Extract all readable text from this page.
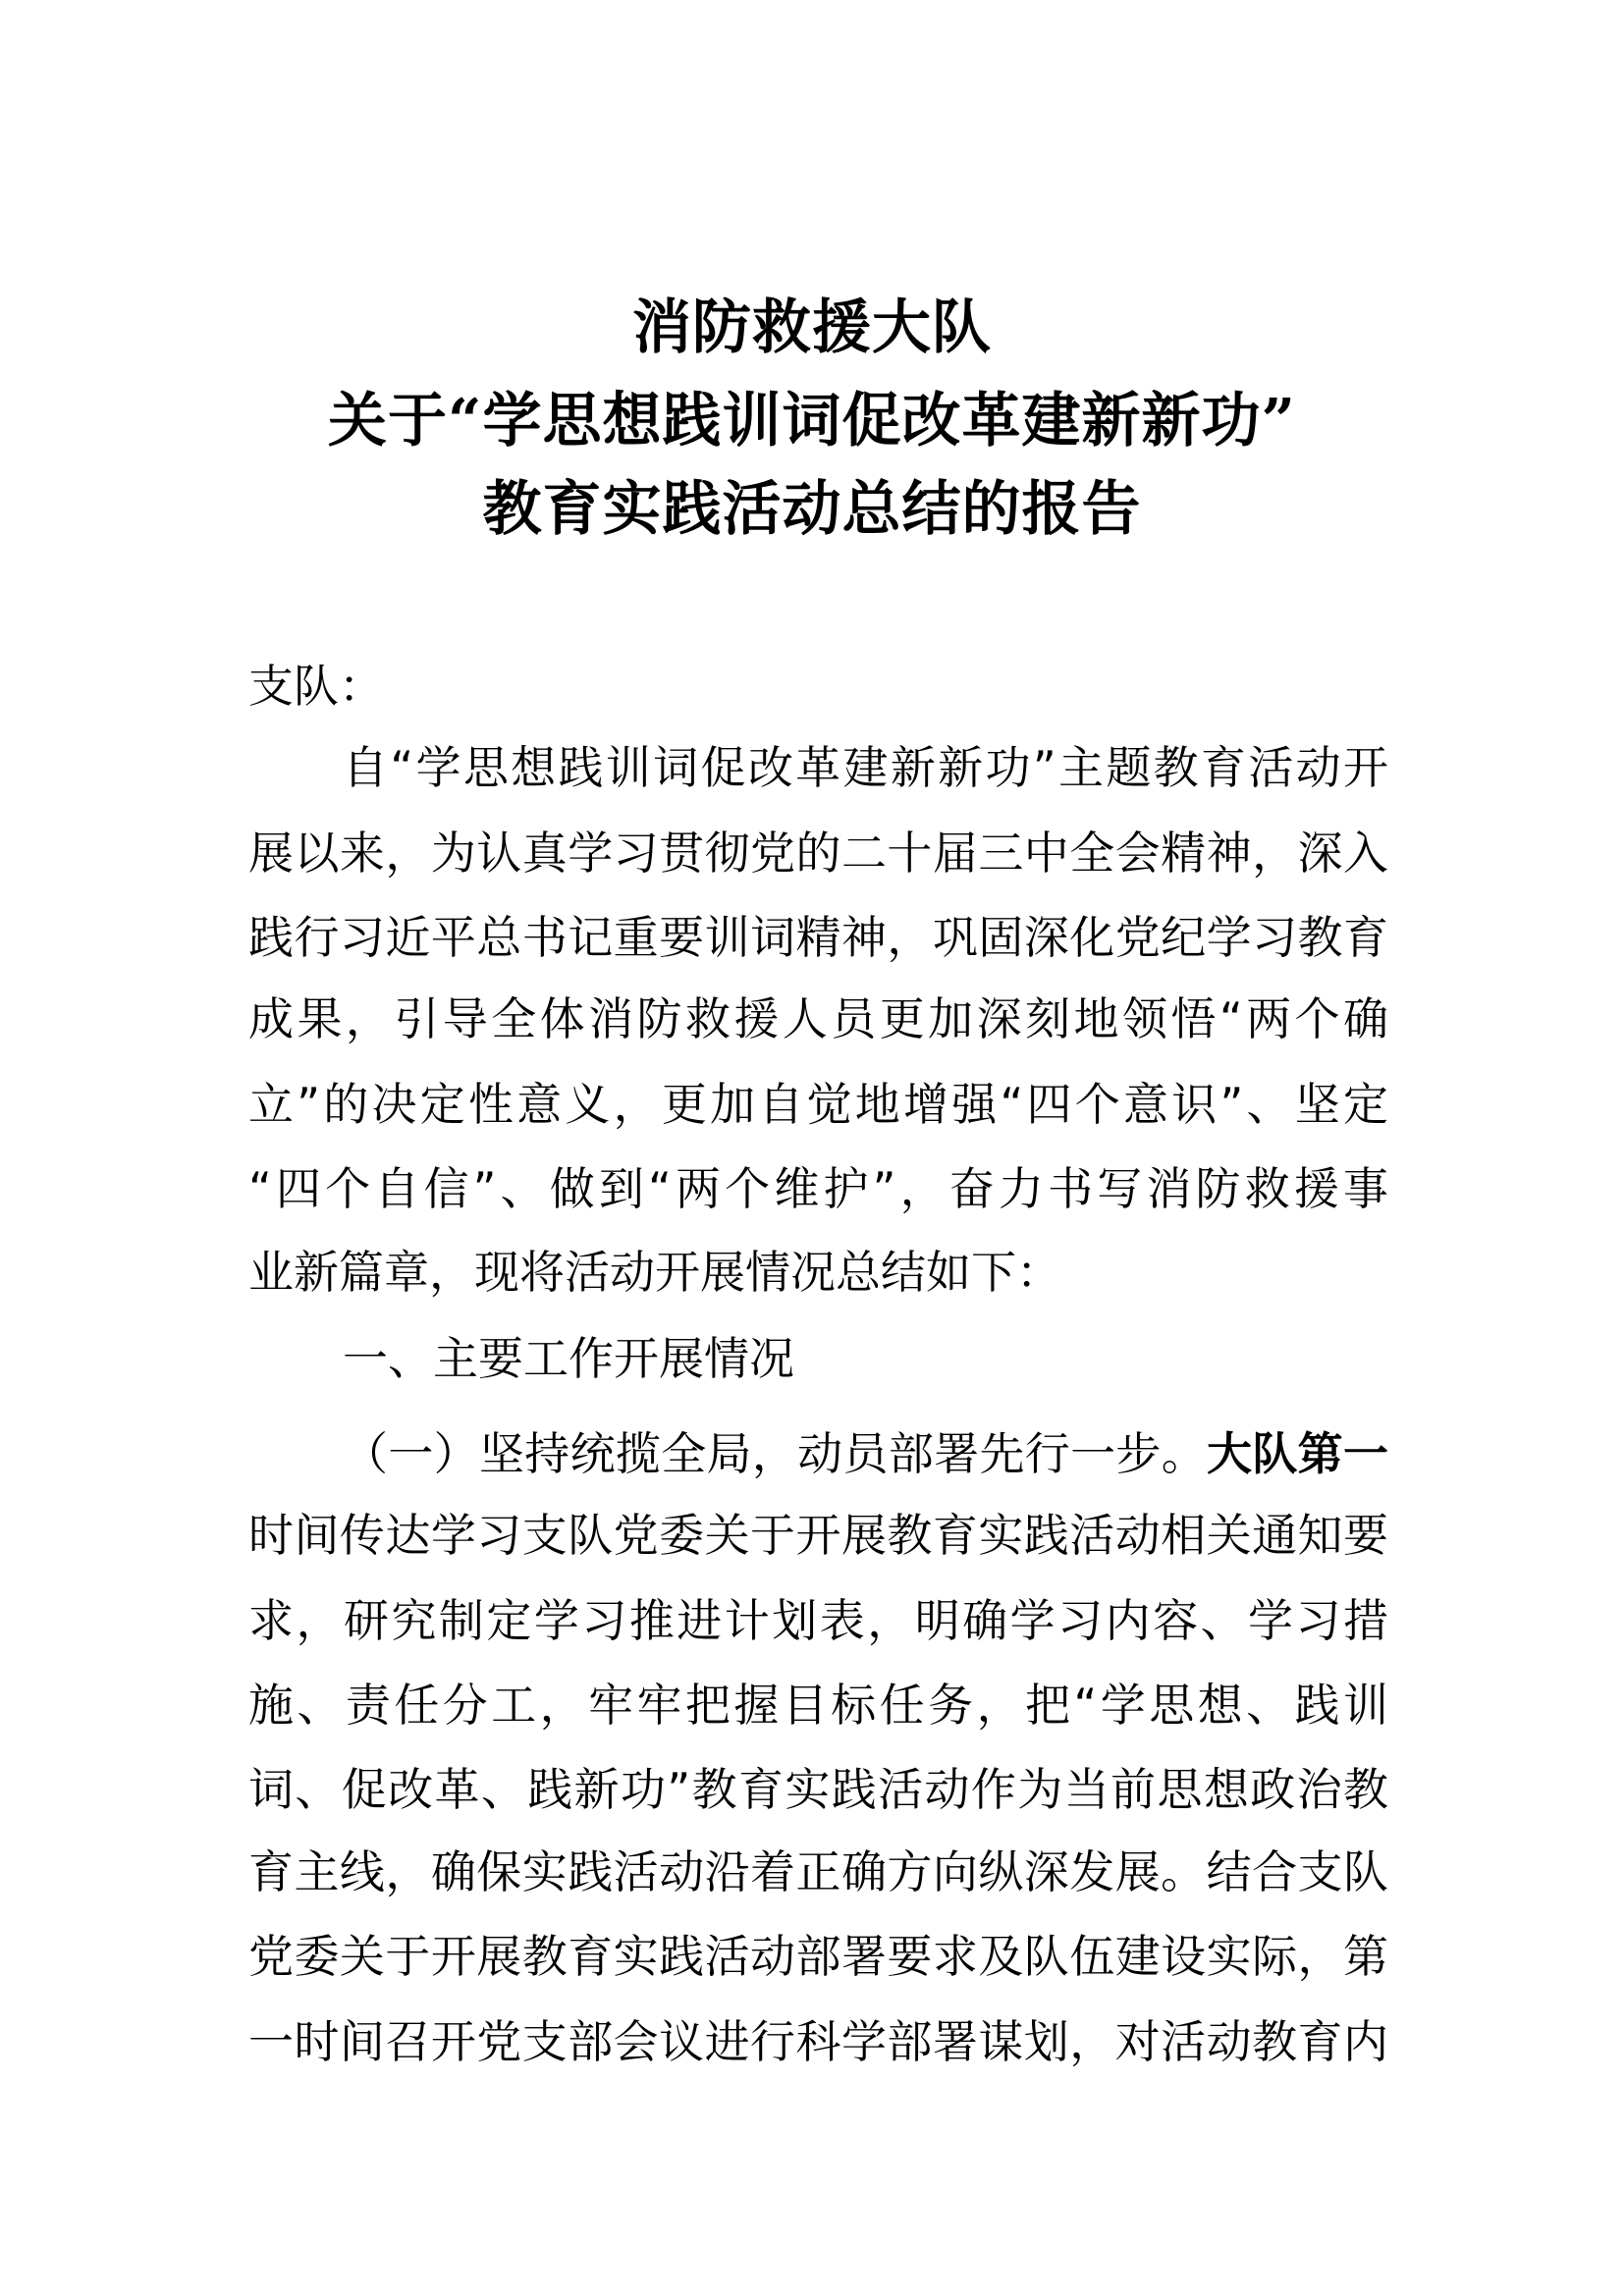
消防救援大队
关于“学思想践训词促改革建新新功”
教育实践活动总结的报告
支队：
自“学思想践训词促改革建新新功”主题教育活动开
展以来，为认真学习贯彻党的二十届三中全会精神，深入
践行习近平总书记重要训词精神，巩固深化党纪学习教育
成果，引导全体消防救援人员更加深刻地领悟“两个确
立”的决定性意义，更加自觉地增强“四个意识”、坚定
“四个自信”、做到“两个维护”，奋力书写消防救援事
业新篇章，现将活动开展情况总结如下：
一、主要工作开展情况
（一）坚持统揽全局，动员部署先行一步。大队第一
时间传达学习支队党委关于开展教育实践活动相关通知要
求，研究制定学习推进计划表，明确学习内容、学习措
施、责任分工，牢牢把握目标任务，把“学思想、践训
词、促改革、践新功”教育实践活动作为当前思想政治教
育主线，确保实践活动沿着正确方向纵深发展。结合支队
党委关于开展教育实践活动部署要求及队伍建设实际，第
一时间召开党支部会议进行科学部署谋划，对活动教育内
